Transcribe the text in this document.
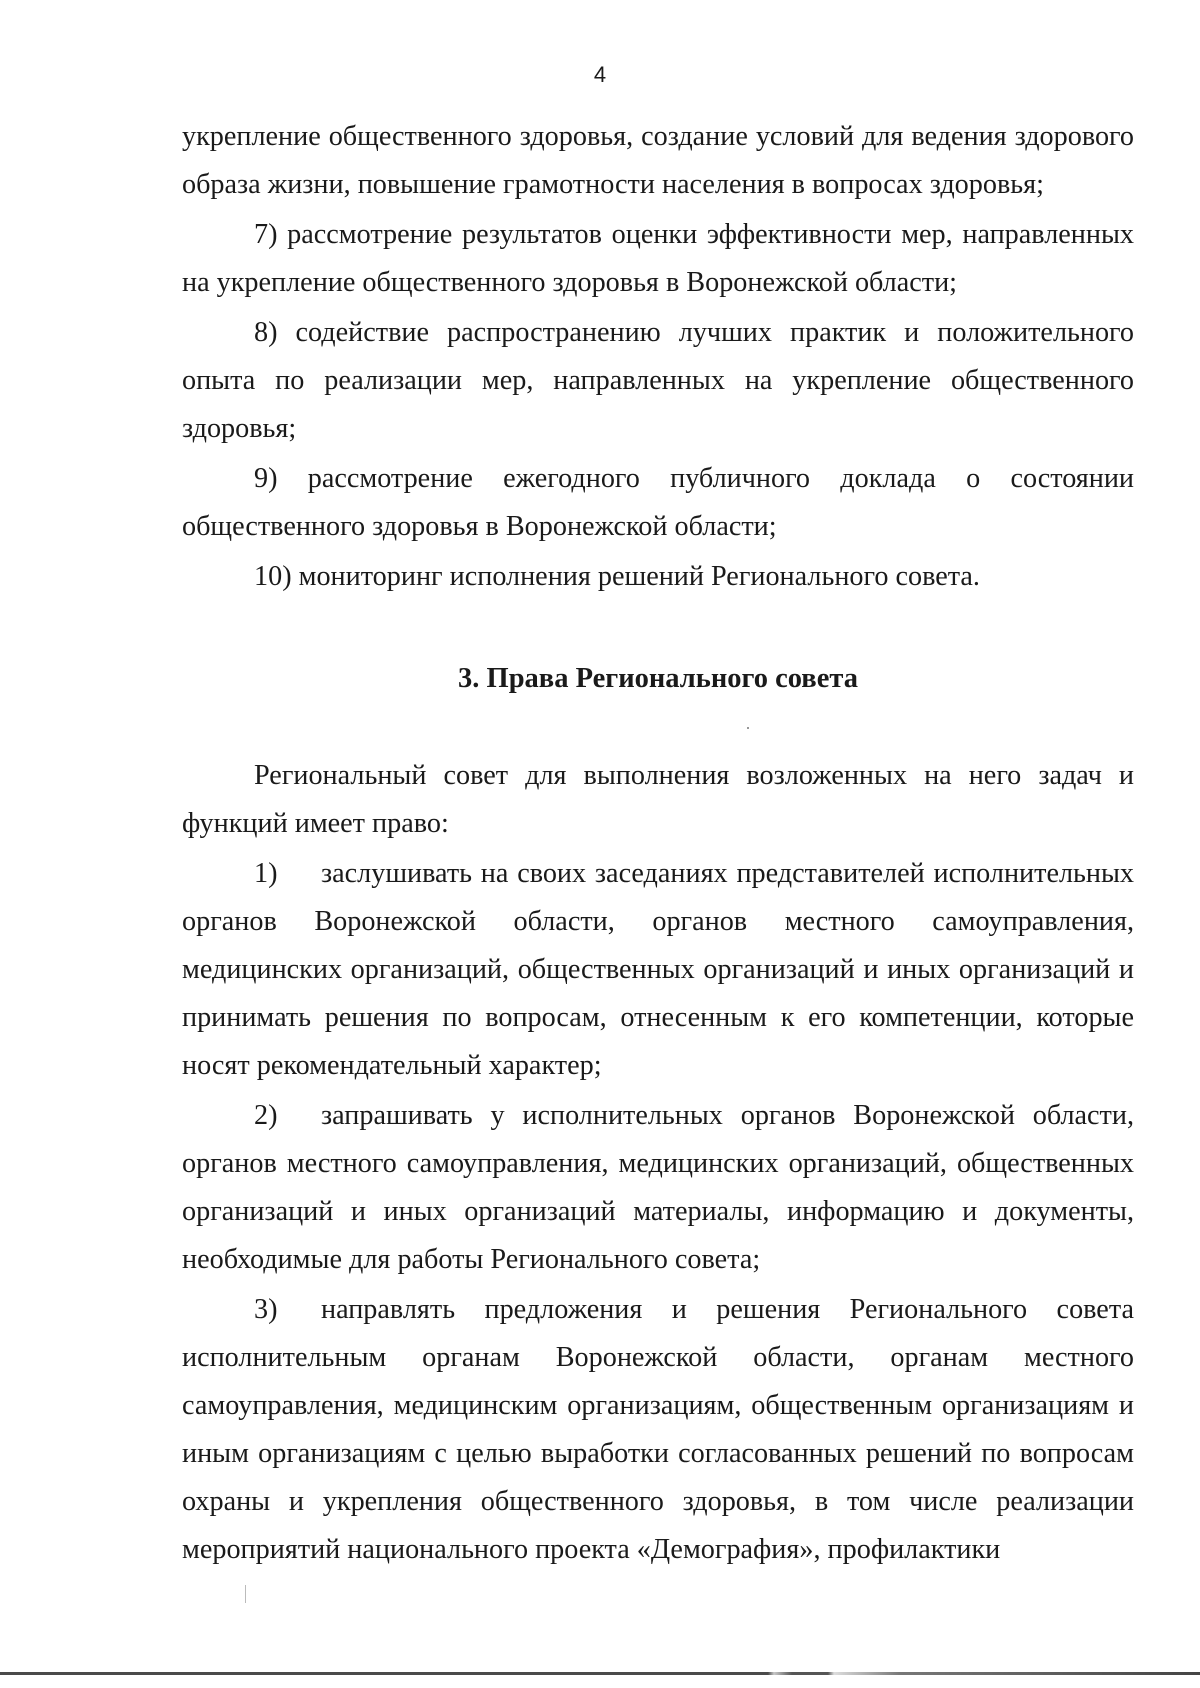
4

укрепление общественного здоровья, создание условий для ведения здорового образа жизни, повышение грамотности населения в вопросах здоровья;

7) рассмотрение результатов оценки эффективности мер, направленных на укрепление общественного здоровья в Воронежской области;

8) содействие распространению лучших практик и положительного опыта по реализации мер, направленных на укрепление общественного здоровья;

9) рассмотрение ежегодного публичного доклада о состоянии общественного здоровья в Воронежской области;

10) мониторинг исполнения решений Регионального совета.

3. Права Регионального совета

Региональный совет для выполнения возложенных на него задач и функций имеет право:

1) заслушивать на своих заседаниях представителей исполнительных органов Воронежской области, органов местного самоуправления, медицинских организаций, общественных организаций и иных организаций и принимать решения по вопросам, отнесенным к его компетенции, которые носят рекомендательный характер;

2) запрашивать у исполнительных органов Воронежской области, органов местного самоуправления, медицинских организаций, общественных организаций и иных организаций материалы, информацию и документы, необходимые для работы Регионального совета;

3) направлять предложения и решения Регионального совета исполнительным органам Воронежской области, органам местного самоуправления, медицинским организациям, общественным организациям и иным организациям с целью выработки согласованных решений по вопросам охраны и укрепления общественного здоровья, в том числе реализации мероприятий национального проекта «Демография», профилактики
